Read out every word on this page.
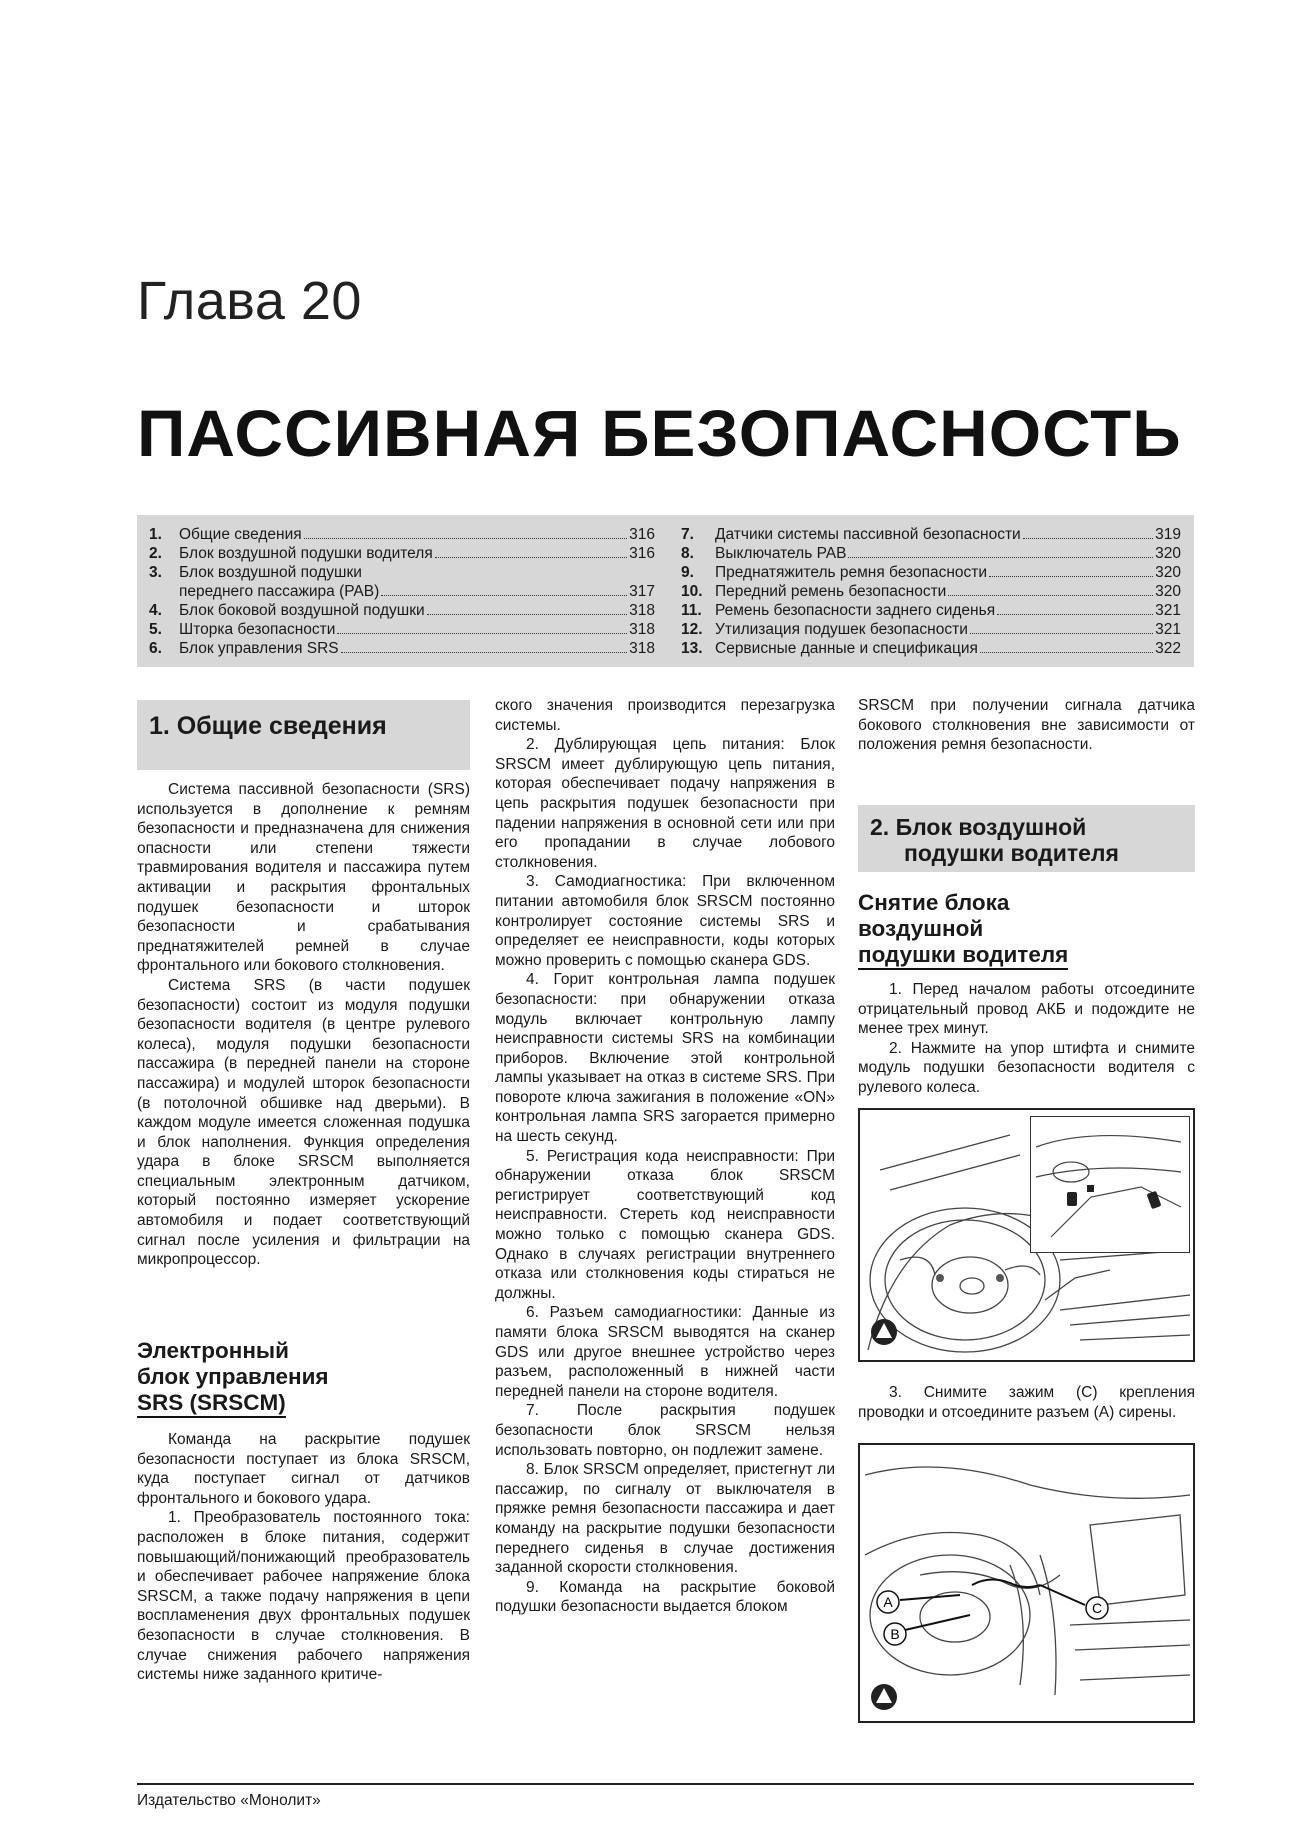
Глава 20
ПАССИВНАЯ БЕЗОПАСНОСТЬ
1.	Общие сведения	316
2.	Блок воздушной подушки водителя	316
3.	Блок воздушной подушки
переднего пассажира (PAB)	317
4.	Блок боковой воздушной подушки	318
5.	Шторка безопасности	318
6.	Блок управления SRS	318
7.	Датчики системы пассивной безопасности	319
8.	Выключатель PAB	320
9.	Преднатяжитель ремня безопасности	320
10. Передний ремень безопасности	320
11. Ремень безопасности заднего сиденья	321
12. Утилизация подушек безопасности	321
13. Сервисные данные и спецификация	322
1. Общие сведения

Система пассивной безопасности (SRS) используется в дополнение к ремням безопасности и предназначена для снижения опасности или степени тяжести травмирования водителя и пассажира путем активации и раскрытия фронтальных подушек безопасности и шторок безопасности и срабатывания преднатяжителей ремней в случае фронтального или бокового столкновения.

Система SRS (в части подушек безопасности) состоит из модуля подушки безопасности водителя (в центре рулевого колеса), модуля подушки безопасности пассажира (в передней панели на стороне пассажира) и модулей шторок безопасности (в потолочной обшивке над дверьми). В каждом модуле имеется сложенная подушка и блок наполнения. Функция определения удара в блоке SRSCM выполняется специальным электронным датчиком, который постоянно измеряет ускорение автомобиля и подает соответствующий сигнал после усиления и фильтрации на микропроцессор.

Электронный
блок управления
SRS (SRSCM)

Команда на раскрытие подушек безопасности поступает из блока SRSCM, куда поступает сигнал от датчиков фронтального и бокового удара.

1. Преобразователь постоянного тока: расположен в блоке питания, содержит повышающий/понижающий преобразователь и обеспечивает рабочее напряжение блока SRSCM, а также подачу напряжения в цепи воспламенения двух фронтальных подушек безопасности в случае столкновения. В случае снижения рабочего напряжения системы ниже заданного критиче-

ского значения производится перезагрузка системы.

2. Дублирующая цепь питания: Блок SRSCM имеет дублирующую цепь питания, которая обеспечивает подачу напряжения в цепь раскрытия подушек безопасности при падении напряжения в основной сети или при его пропадании в случае лобового столкновения.

3. Самодиагностика: При включенном питании автомобиля блок SRSCM постоянно контролирует состояние системы SRS и определяет ее неисправности, коды которых можно проверить с помощью сканера GDS.

4. Горит контрольная лампа подушек безопасности: при обнаружении отказа модуль включает контрольную лампу неисправности системы SRS на комбинации приборов. Включение этой контрольной лампы указывает на отказ в системе SRS. При повороте ключа зажигания в положение «ON» контрольная лампа SRS загорается примерно на шесть секунд.

5. Регистрация кода неисправности: При обнаружении отказа блок SRSCM регистрирует соответствующий код неисправности. Стереть код неисправности можно только с помощью сканера GDS. Однако в случаях регистрации внутреннего отказа или столкновения коды стираться не должны.

6. Разъем самодиагностики: Данные из памяти блока SRSCM выводятся на сканер GDS или другое внешнее устройство через разъем, расположенный в нижней части передней панели на стороне водителя.

7. После раскрытия подушек безопасности блок SRSCM нельзя использовать повторно, он подлежит замене.

8. Блок SRSCM определяет, пристегнут ли пассажир, по сигналу от выключателя в пряжке ремня безопасности пассажира и дает команду на раскрытие подушки безопасности переднего сиденья в случае достижения заданной скорости столкновения.

9. Команда на раскрытие боковой подушки безопасности выдается блоком

SRSCM при получении сигнала датчика бокового столкновения вне зависимости от положения ремня безопасности.

2. Блок воздушной
подушки водителя
Снятие блока
воздушной
подушки водителя

1. Перед началом работы отсоедините отрицательный провод АКБ и подождите не менее трех минут.

2. Нажмите на упор штифта и снимите модуль подушки безопасности водителя с рулевого колеса.

3. Снимите зажим (C) крепления проводки и отсоедините разъем (A) сирены.

A
B
C
Издательство «Монолит»
